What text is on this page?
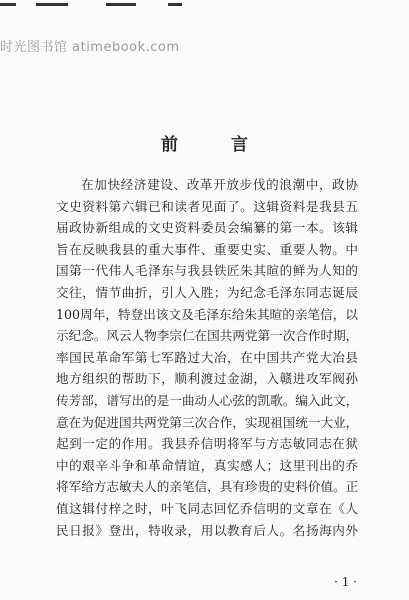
时光图书馆 atimebook.com
前　言
在加快经济建设、改革开放步伐的浪潮中，政协
文史资料第六辑已和读者见面了。这辑资料是我县五
届政协新组成的文史资料委员会编纂的第一本。该辑
旨在反映我县的重大事件、重要史实、重要人物。中
国第一代伟人毛泽东与我县铁匠朱其暄的鲜为人知的
交往，情节曲折，引人入胜；为纪念毛泽东同志诞辰
100周年，特登出该文及毛泽东给朱其暄的亲笔信，以
示纪念。风云人物李宗仁在国共两党第一次合作时期，
率国民革命军第七军路过大冶，在中国共产党大冶县
地方组织的帮助下，顺利渡过金湖，入赣进攻军阀孙
传芳部，谱写出的是一曲动人心弦的凯歌。编入此文，
意在为促进国共两党第三次合作，实现祖国统一大业，
起到一定的作用。我县乔信明将军与方志敏同志在狱
中的艰辛斗争和革命情谊，真实感人；这里刊出的乔
将军给方志敏夫人的亲笔信，具有珍贵的史料价值。正
值这辑付梓之时，叶飞同志回忆乔信明的文章在《人
民日报》登出，特收录，用以教育后人。名扬海内外
· 1 ·
